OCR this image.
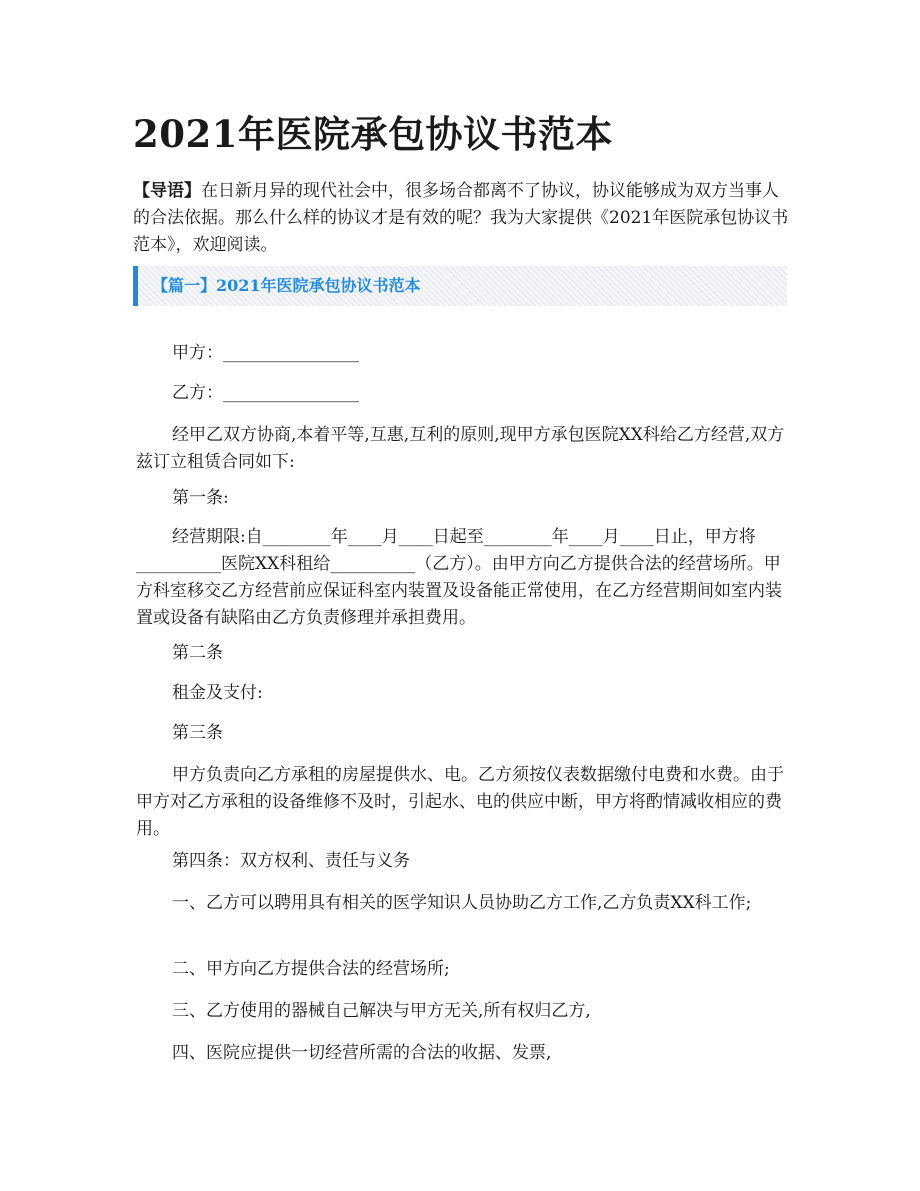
2021年医院承包协议书范本

【导语】在日新月异的现代社会中，很多场合都离不了协议，协议能够成为双方当事人的合法依据。那么什么样的协议才是有效的呢？我为大家提供《2021年医院承包协议书范本》，欢迎阅读。

【篇一】2021年医院承包协议书范本

甲方：________________

乙方：________________

经甲乙双方协商,本着平等,互惠,互利的原则,现甲方承包医院XX科给乙方经营,双方兹订立租赁合同如下:

第一条:

经营期限:自________年____月____日起至________年____月____日止，甲方将__________医院XX科租给__________（乙方）。由甲方向乙方提供合法的经营场所。甲方科室移交乙方经营前应保证科室内装置及设备能正常使用，在乙方经营期间如室内装置或设备有缺陷由乙方负责修理并承担费用。

第二条

租金及支付:

第三条

甲方负责向乙方承租的房屋提供水、电。乙方须按仪表数据缴付电费和水费。由于甲方对乙方承租的设备维修不及时，引起水、电的供应中断，甲方将酌情减收相应的费用。

第四条：双方权利、责任与义务

一、乙方可以聘用具有相关的医学知识人员协助乙方工作,乙方负责XX科工作;

二、甲方向乙方提供合法的经营场所;

三、乙方使用的器械自己解决与甲方无关,所有权归乙方,

四、医院应提供一切经营所需的合法的收据、发票,
